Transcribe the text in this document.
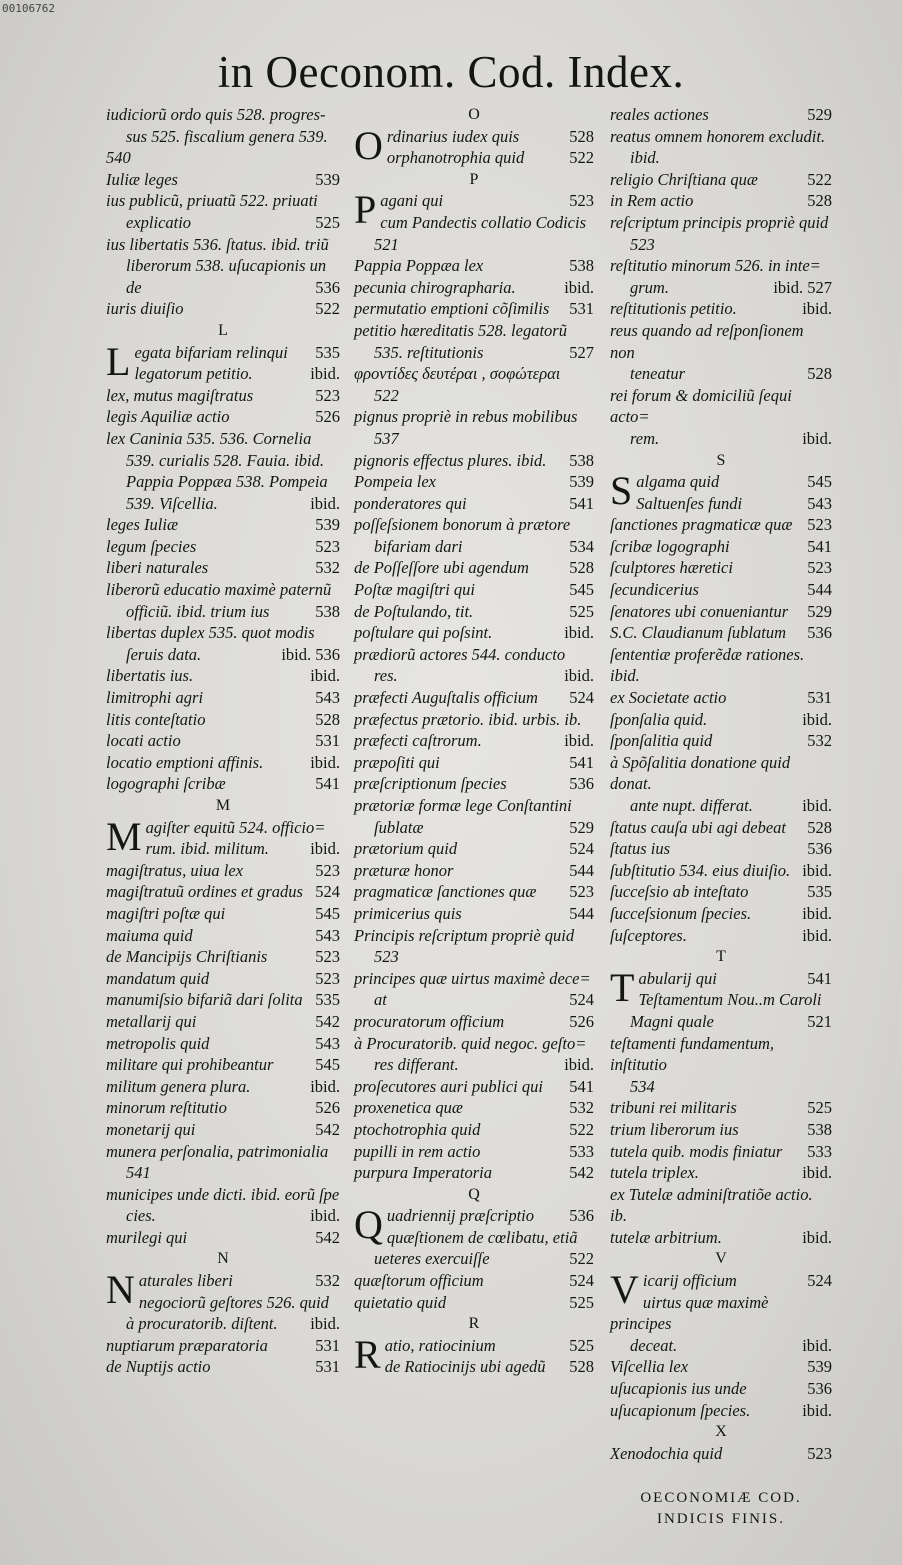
00106762
in Oeconom. Cod. Index.
iudiciorũ ordo quis 528. progres-
sus 525. fiscalium genera 539.
540
Iuliæ leges	539
ius publicũ, priuatũ 522. priuati
explicatio	525
ius libertatis 536. ſtatus. ibid. triũ
liberorum 538. uſucapionis un
de	536
iuris diuiſio	522
L
L egata bifariam relinqui 535
legatorum petitio.	ibid.
lex, mutus magiſtratus	523
legis Aquiliæ actio	526
lex Caninia 535. 536. Cornelia
539. curialis 528. Fauia. ibid.
Pappia Poppæa 538. Pompeia
539. Viſcellia.	ibid.
leges Iuliæ	539
legum ſpecies	523
liberi naturales	532
liberorũ educatio maximè paternũ
officiũ. ibid. trium ius	538
libertas duplex 535. quot modis
ſeruis data.	ibid. 536
libertatis ius.	ibid.
limitrophi agri	543
litis conteſtatio	528
locati actio	531
locatio emptioni affinis.	ibid.
logographi ſcribæ	541
M
M agiſter equitũ 524. officio=
rum. ibid. militum.	ibid.
magiſtratus, uiua lex	523
magiſtratuũ ordines et gradus 524
magiſtri poſtæ qui	545
maiuma quid	543
de Mancipijs Chriſtianis	523
mandatum quid	523
manumiſsio bifariã dari ſolita 535
metallarij qui	542
metropolis quid	543
militare qui prohibeantur	545
militum genera plura.	ibid.
minorum reſtitutio	526
monetarij qui	542
munera perſonalia, patrimonialia
541
municipes unde dicti. ibid. eorũ ſpe
cies.	ibid.
murilegi qui	542
N
N aturales liberi	532
negociorũ geſtores 526. quid
à procuratorib. diſtent. ibid.
nuptiarum præparatoria	531
de Nuptijs actio	531
O
O rdinarius iudex quis	528
orphanotrophia quid	522
P
P agani qui	523
cum Pandectis collatio Codicis
521
Pappia Poppæa lex	538
pecunia chirographaria.	ibid.
permutatio emptioni cõſimilis 531
petitio hæreditatis 528. legatorũ
535. reſtitutionis	527
φροντίδες δευτέραι , σοφώτεραι
522
pignus propriè in rebus mobilibus
537
pignoris effectus plures. ibid. 538
Pompeia lex	539
ponderatores qui	541
poſſeſsionem bonorum à prætore
bifariam dari	534
de Poſſeſſore ubi agendum 528
Poſtæ magiſtri qui	545
de Poſtulando, tit.	525
poſtulare qui poſsint.	ibid.
prædiorũ actores 544. conducto
res.	ibid.
præfecti Auguſtalis officium 524
præfectus prætorio. ibid. urbis. ib.
præfecti caſtrorum.	ibid.
præpoſiti qui	541
præſcriptionum ſpecies	536
prætoriæ formæ lege Conſtantini
ſublatæ	529
prætorium quid	524
præturæ honor	544
pragmaticæ ſanctiones quæ 523
primicerius quis	544
Principis reſcriptum propriè quid
523
principes quæ uirtus maximè dece=
at	524
procuratorum officium	526
à Procuratorib. quid negoc. geſto=
res differant.	ibid.
proſecutores auri publici qui 541
proxenetica quæ	532
ptochotrophia quid	522
pupilli in rem actio	533
purpura Imperatoria	542
Q
Q uadriennij præſcriptio 536
quæſtionem de cœlibatu, etiã
ueteres exercuiſſe	522
quæſtorum officium	524
quietatio quid	525
R
R atio, ratiocinium	525
de Ratiocinijs ubi agedũ 528
reales actiones	529
reatus omnem honorem excludit.
ibid.
religio Chriſtiana quæ	522
in Rem actio	528
reſcriptum principis propriè quid
523
reſtitutio minorum 526. in inte=
grum.	ibid. 527
reſtitutionis petitio.	ibid.
reus quando ad reſponſionem non
teneatur	528
rei forum & domiciliũ ſequi acto=
rem.	ibid.
S
S algama quid	545
Saltuenſes fundi	543
ſanctiones pragmaticæ quæ 523
ſcribæ logographi	541
ſculptores hæretici	523
ſecundicerius	544
ſenatores ubi conueniantur 529
S.C. Claudianum ſublatum 536
ſententiæ proferẽdæ rationes. ibid.
ex Societate actio	531
ſponſalia quid.	ibid.
ſponſalitia quid	532
à Spõſalitia donatione quid donat.
ante nupt. differat.	ibid.
ſtatus cauſa ubi agi debeat 528
ſtatus ius	536
ſubſtitutio 534. eius diuiſio. ibid.
ſucceſsio ab inteſtato	535
ſucceſsionum ſpecies.	ibid.
ſuſceptores.	ibid.
T
T abularij qui	541
Teſtamentum Nou..m Caroli
Magni quale	521
teſtamenti fundamentum, inſtitutio
534
tribuni rei militaris	525
trium liberorum ius	538
tutela quib. modis finiatur 533
tutela triplex.	ibid.
ex Tutelæ adminiſtratiõe actio. ib.
tutelæ arbitrium.	ibid.
V
V icarij officium	524
uirtus quæ maximè principes
deceat.	ibid.
Viſcellia lex	539
uſucapionis ius unde	536
uſucapionum ſpecies.	ibid.
X
Xenodochia quid	523
OECONOMIÆ COD.
INDICIS FINIS.
